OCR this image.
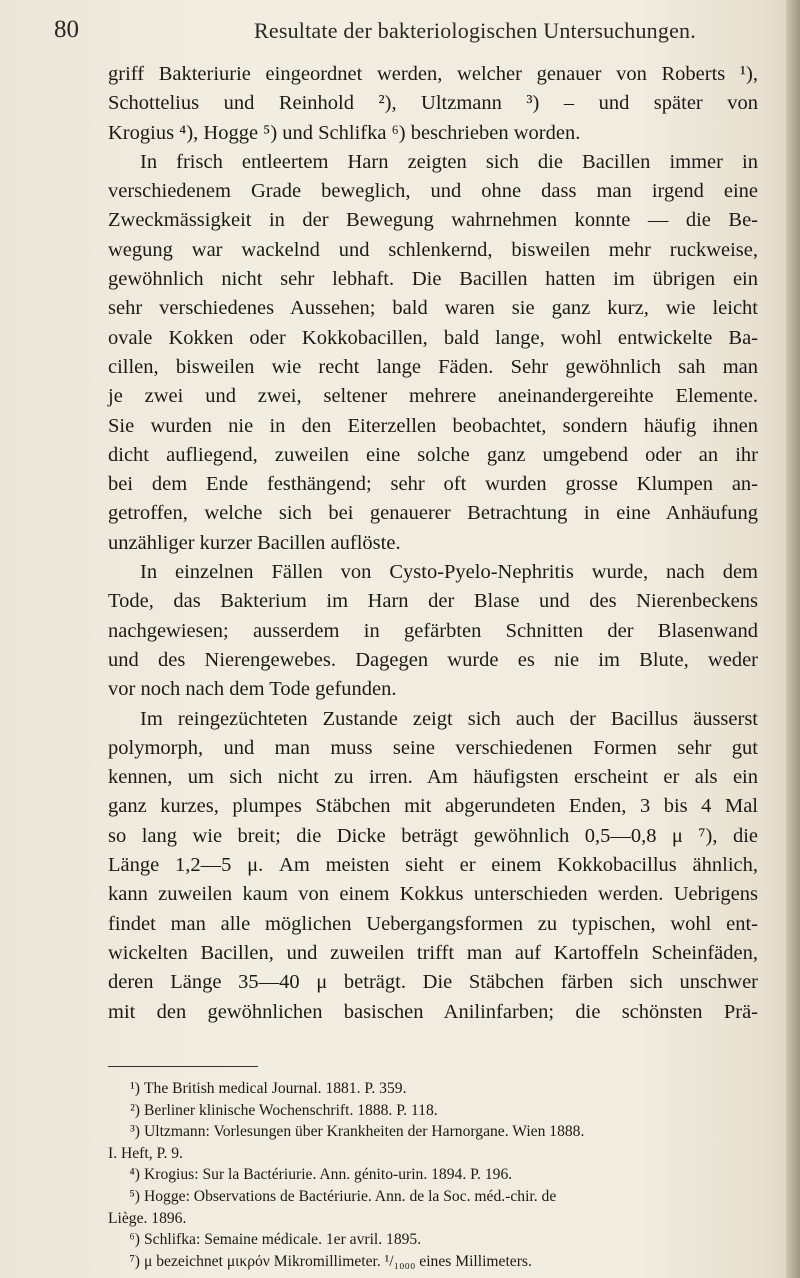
80	Resultate der bakteriologischen Untersuchungen.
griff Bakteriurie eingeordnet werden, welcher genauer von Roberts ¹),
Schottelius und Reinhold ²), Ultzmann ³) – und später von
Krogius ⁴), Hogge ⁵) und Schlifka ⁶) beschrieben worden.
In frisch entleertem Harn zeigten sich die Bacillen immer in
verschiedenem Grade beweglich, und ohne dass man irgend eine
Zweckmässigkeit in der Bewegung wahrnehmen konnte — die Be-
wegung war wackelnd und schlenkernd, bisweilen mehr ruckweise,
gewöhnlich nicht sehr lebhaft. Die Bacillen hatten im übrigen ein
sehr verschiedenes Aussehen; bald waren sie ganz kurz, wie leicht
ovale Kokken oder Kokkobacillen, bald lange, wohl entwickelte Ba-
cillen, bisweilen wie recht lange Fäden. Sehr gewöhnlich sah man
je zwei und zwei, seltener mehrere aneinandergereihte Elemente.
Sie wurden nie in den Eiterzellen beobachtet, sondern häufig ihnen
dicht aufliegend, zuweilen eine solche ganz umgebend oder an ihr
bei dem Ende festhängend; sehr oft wurden grosse Klumpen an-
getroffen, welche sich bei genauerer Betrachtung in eine Anhäufung
unzähliger kurzer Bacillen auflöste.
In einzelnen Fällen von Cysto-Pyelo-Nephritis wurde, nach dem
Tode, das Bakterium im Harn der Blase und des Nierenbeckens
nachgewiesen; ausserdem in gefärbten Schnitten der Blasenwand
und des Nierengewebes. Dagegen wurde es nie im Blute, weder
vor noch nach dem Tode gefunden.
Im reingezüchteten Zustande zeigt sich auch der Bacillus äusserst
polymorph, und man muss seine verschiedenen Formen sehr gut
kennen, um sich nicht zu irren. Am häufigsten erscheint er als ein
ganz kurzes, plumpes Stäbchen mit abgerundeten Enden, 3 bis 4 Mal
so lang wie breit; die Dicke beträgt gewöhnlich 0,5—0,8 μ ⁷), die
Länge 1,2—5 μ. Am meisten sieht er einem Kokkobacillus ähnlich,
kann zuweilen kaum von einem Kokkus unterschieden werden. Uebrigens
findet man alle möglichen Uebergangsformen zu typischen, wohl ent-
wickelten Bacillen, und zuweilen trifft man auf Kartoffeln Scheinfäden,
deren Länge 35—40 μ beträgt. Die Stäbchen färben sich unschwer
mit den gewöhnlichen basischen Anilinfarben; die schönsten Prä-
¹) The British medical Journal. 1881. P. 359.
²) Berliner klinische Wochenschrift. 1888. P. 118.
³) Ultzmann: Vorlesungen über Krankheiten der Harnorgane. Wien 1888.
I. Heft, P. 9.
⁴) Krogius: Sur la Bactériurie. Ann. génito-urin. 1894. P. 196.
⁵) Hogge: Observations de Bactériurie. Ann. de la Soc. méd.-chir. de
Liège. 1896.
⁶) Schlifka: Semaine médicale. 1er avril. 1895.
⁷) μ bezeichnet μικρόν Mikromillimeter. ¹/₁₀₀₀ eines Millimeters.
